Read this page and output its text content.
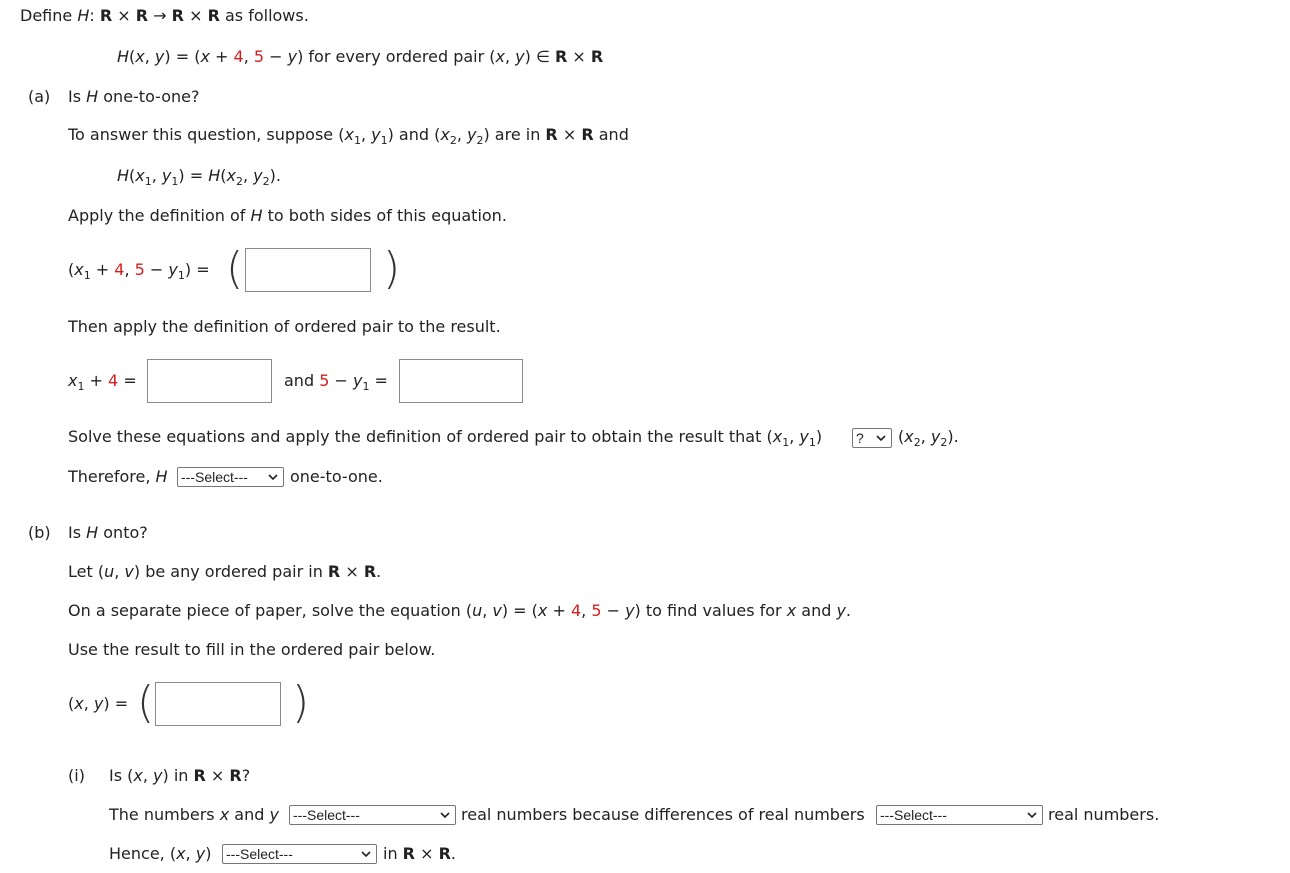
Define H: R × R → R × R as follows.
H(x, y) = (x + 4, 5 − y) for every ordered pair (x, y) ∈ R × R
(a) Is H one-to-one?
To answer this question, suppose ($x_1$, $y_1$) and ($x_2$, $y_2$) are in R × R and
$H(x_1$, $y_1) = H(x_2$, $y_2$).
Apply the definition of H to both sides of this equation.
($x_1 + 4$, $5 - y_1$) = (	)
Then apply the definition of ordered pair to the result.
$x_1 + 4$ =	and $5 - y_1$ =
Solve these equations and apply the definition of ordered pair to obtain the result that ($x_1$, $y_1$) ?	($x_2$, $y_2$).
Therefore, H ---Select---	one-to-one.
(b) Is H onto?
Let (u, v) be any ordered pair in R × R.
On a separate piece of paper, solve the equation (u, v) = (x + 4, 5 − y) to find values for x and y.
Use the result to fill in the ordered pair below.
(x, y) = (	)
(i) Is (x, y) in R × R?
The numbers x and y ---Select---	real numbers because differences of real numbers ---Select---	real numbers.
Hence, (x, y) ---Select---	in R × R.
